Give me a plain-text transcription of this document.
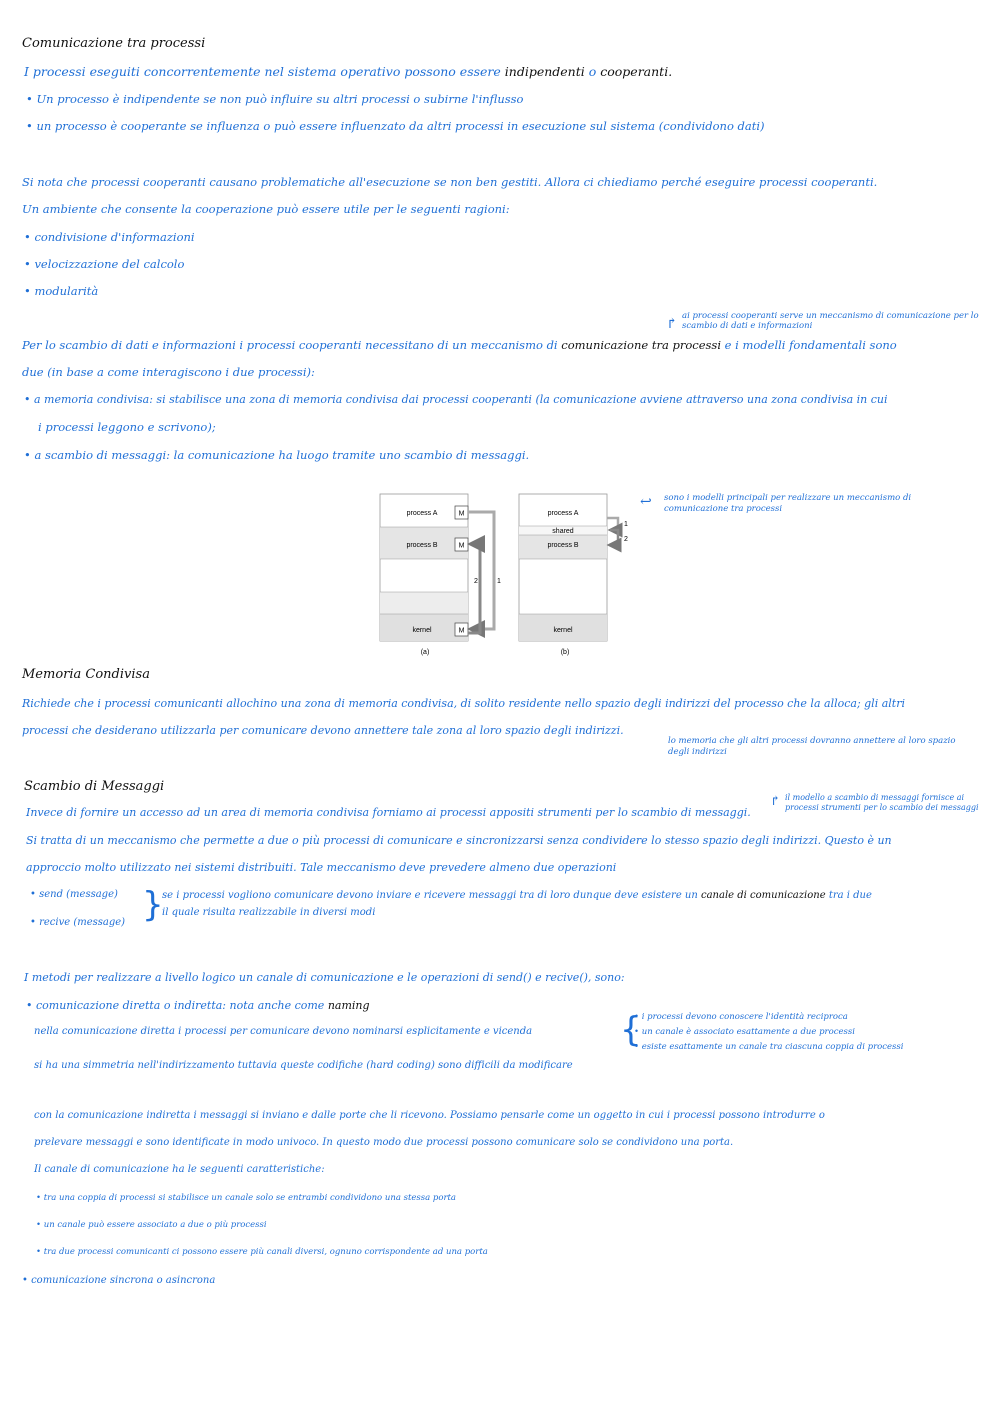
Comunicazione tra processi
I processi eseguiti concorrentemente nel sistema operativo possono essere indipendenti o cooperanti.
• Un processo è indipendente se non può influire su altri processi o subirne l'influsso
• un processo è cooperante se influenza o può essere influenzato da altri processi in esecuzione sul sistema (condividono dati)
Si nota che processi cooperanti causano problematiche all'esecuzione se non ben gestiti. Allora ci chiediamo perché eseguire processi cooperanti.
Un ambiente che consente la cooperazione può essere utile per le seguenti ragioni:
• condivisione d'informazioni
• velocizzazione del calcolo
• modularità
↱ ai processi cooperanti serve un meccanismo di comunicazione per lo scambio di dati e informazioni
Per lo scambio di dati e informazioni i processi cooperanti necessitano di un meccanismo di comunicazione tra processi e i modelli fondamentali sono
due (in base a come interagiscono i due processi):
• a memoria condivisa: si stabilisce una zona di memoria condivisa dai processi cooperanti (la comunicazione avviene attraverso una zona condivisa in cui
i processi leggono e scrivono);
• a scambio di messaggi: la comunicazione ha luogo tramite uno scambio di messaggi.
process A
process B
kernel
M
M
M
2	1
(a)
process A
shared
process B
kernel
1
2
(b)
↩ sono i modelli principali per realizzare un meccanismo di comunicazione tra processi
Memoria Condivisa
Richiede che i processi comunicanti allochino una zona di memoria condivisa, di solito residente nello spazio degli indirizzi del processo che la alloca; gli altri
processi che desiderano utilizzarla per comunicare devono annettere tale zona al loro spazio degli indirizzi.
lo memoria che gli altri processi dovranno annettere al loro spazio degli indirizzi
Scambio di Messaggi
↱ il modello a scambio di messaggi fornisce ai processi strumenti per lo scambio dei messaggi
Invece di fornire un accesso ad un area di memoria condivisa forniamo ai processi appositi strumenti per lo scambio di messaggi.
Si tratta di un meccanismo che permette a due o più processi di comunicare e sincronizzarsi senza condividere lo stesso spazio degli indirizzi. Questo è un
approccio molto utilizzato nei sistemi distribuiti. Tale meccanismo deve prevedere almeno due operazioni
• send (message)
• recive (message) }
se i processi vogliono comunicare devono inviare e ricevere messaggi tra di loro dunque deve esistere un canale di comunicazione tra i due
il quale risulta realizzabile in diversi modi
I metodi per realizzare a livello logico un canale di comunicazione e le operazioni di send() e recive(), sono:
• comunicazione diretta o indiretta: nota anche come naming
nella comunicazione diretta i processi per comunicare devono nominarsi esplicitamente e vicenda	{
• i processi devono conoscere l'identità reciproca
• un canale è associato esattamente a due processi
• esiste esattamente un canale tra ciascuna coppia di processi
si ha una simmetria nell'indirizzamento tuttavia queste codifiche (hard coding) sono difficili da modificare
con la comunicazione indiretta i messaggi si inviano e dalle porte che li ricevono. Possiamo pensarle come un oggetto in cui i processi possono introdurre o
prelevare messaggi e sono identificate in modo univoco. In questo modo due processi possono comunicare solo se condividono una porta.
Il canale di comunicazione ha le seguenti caratteristiche:
• tra una coppia di processi si stabilisce un canale solo se entrambi condividono una stessa porta
• un canale può essere associato a due o più processi
• tra due processi comunicanti ci possono essere più canali diversi, ognuno corrispondente ad una porta
• comunicazione sincrona o asincrona
